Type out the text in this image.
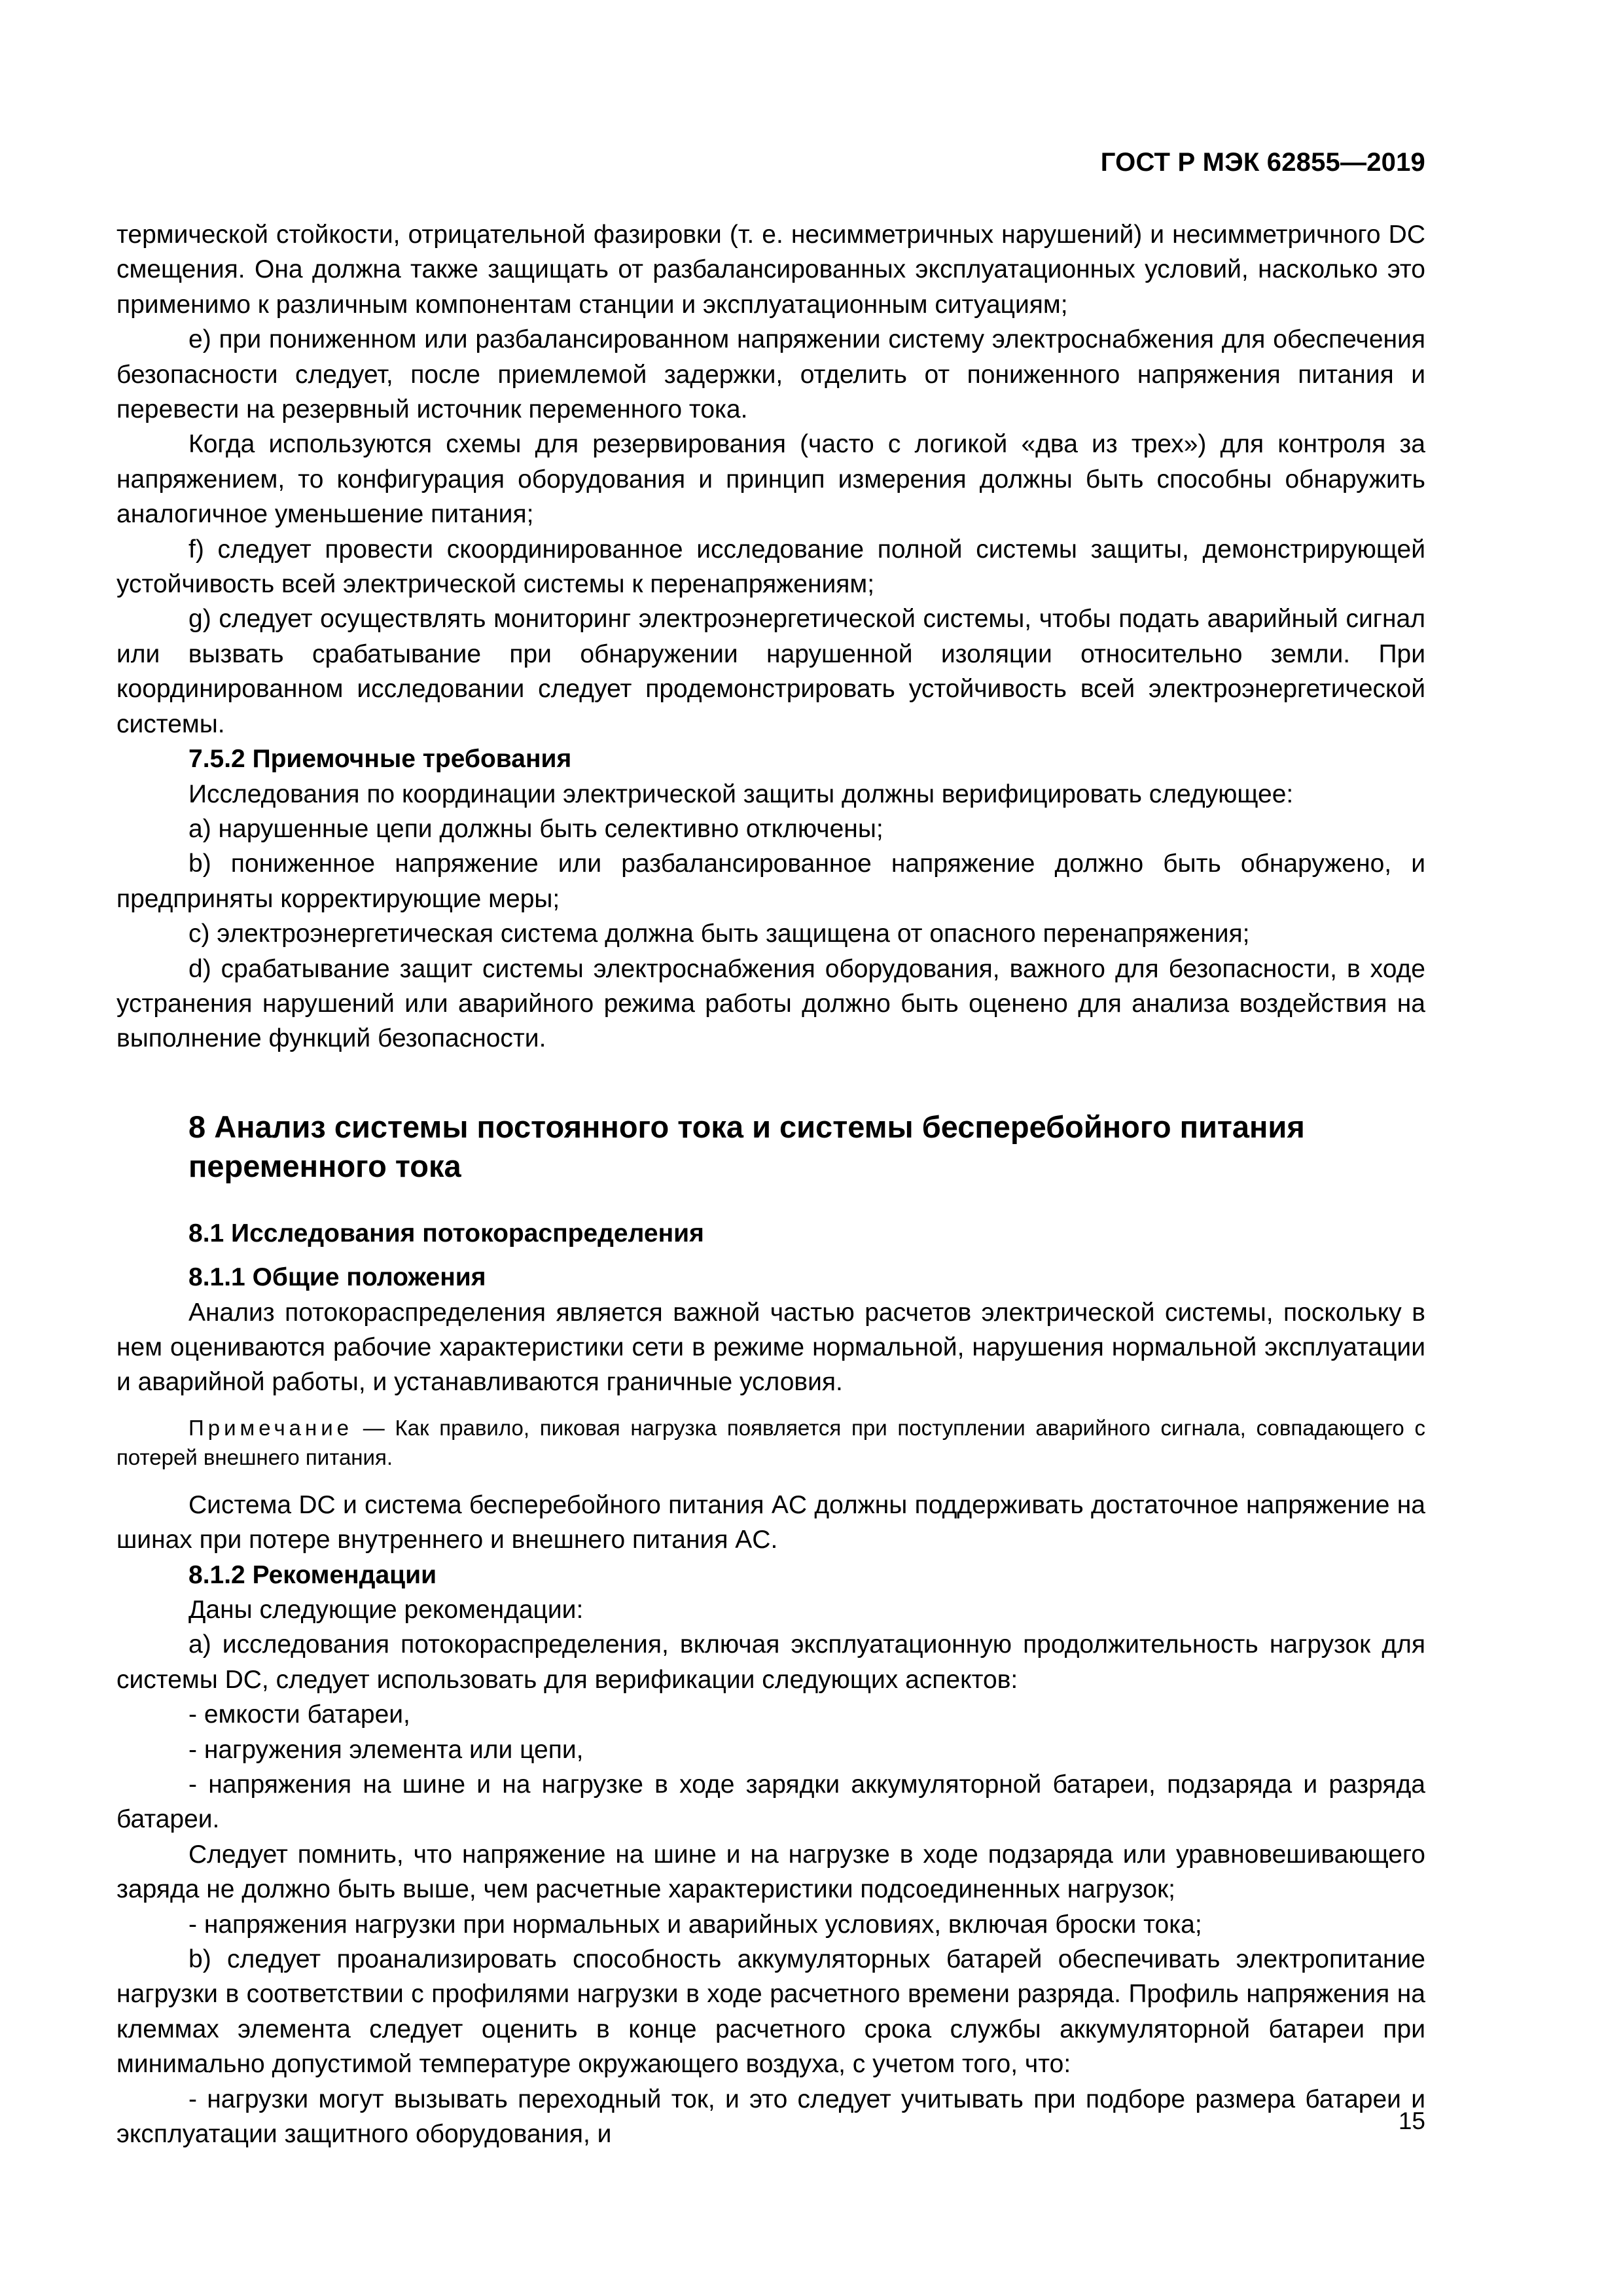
ГОСТ Р МЭК 62855—2019

термической стойкости, отрицательной фазировки (т. е. несимметричных нарушений) и несимметричного DC смещения. Она должна также защищать от разбалансированных эксплуатационных условий, насколько это применимо к различным компонентам станции и эксплуатационным ситуациям;

e) при пониженном или разбалансированном напряжении систему электроснабжения для обеспечения безопасности следует, после приемлемой задержки, отделить от пониженного напряжения питания и перевести на резервный источник переменного тока.

Когда используются схемы для резервирования (часто с логикой «два из трех») для контроля за напряжением, то конфигурация оборудования и принцип измерения должны быть способны обнаружить аналогичное уменьшение питания;

f) следует провести скоординированное исследование полной системы защиты, демонстрирующей устойчивость всей электрической системы к перенапряжениям;

g) следует осуществлять мониторинг электроэнергетической системы, чтобы подать аварийный сигнал или вызвать срабатывание при обнаружении нарушенной изоляции относительно земли. При координированном исследовании следует продемонстрировать устойчивость всей электроэнергетической системы.

7.5.2 Приемочные требования

Исследования по координации электрической защиты должны верифицировать следующее:

a) нарушенные цепи должны быть селективно отключены;

b) пониженное напряжение или разбалансированное напряжение должно быть обнаружено, и предприняты корректирующие меры;

c) электроэнергетическая система должна быть защищена от опасного перенапряжения;

d) срабатывание защит системы электроснабжения оборудования, важного для безопасности, в ходе устранения нарушений или аварийного режима работы должно быть оценено для анализа воздействия на выполнение функций безопасности.

8 Анализ системы постоянного тока и системы бесперебойного питания переменного тока

8.1 Исследования потокораспределения

8.1.1 Общие положения

Анализ потокораспределения является важной частью расчетов электрической системы, поскольку в нем оцениваются рабочие характеристики сети в режиме нормальной, нарушения нормальной эксплуатации и аварийной работы, и устанавливаются граничные условия.

Примечание — Как правило, пиковая нагрузка появляется при поступлении аварийного сигнала, совпадающего с потерей внешнего питания.

Система DC и система бесперебойного питания AC должны поддерживать достаточное напряжение на шинах при потере внутреннего и внешнего питания AC.

8.1.2 Рекомендации

Даны следующие рекомендации:

a) исследования потокораспределения, включая эксплуатационную продолжительность нагрузок для системы DC, следует использовать для верификации следующих аспектов:

- емкости батареи,

- нагружения элемента или цепи,

- напряжения на шине и на нагрузке в ходе зарядки аккумуляторной батареи, подзаряда и разряда батареи.

Следует помнить, что напряжение на шине и на нагрузке в ходе подзаряда или уравновешивающего заряда не должно быть выше, чем расчетные характеристики подсоединенных нагрузок;

- напряжения нагрузки при нормальных и аварийных условиях, включая броски тока;

b) следует проанализировать способность аккумуляторных батарей обеспечивать электропитание нагрузки в соответствии с профилями нагрузки в ходе расчетного времени разряда. Профиль напряжения на клеммах элемента следует оценить в конце расчетного срока службы аккумуляторной батареи при минимально допустимой температуре окружающего воздуха, с учетом того, что:

- нагрузки могут вызывать переходный ток, и это следует учитывать при подборе размера батареи и эксплуатации защитного оборудования, и	15
